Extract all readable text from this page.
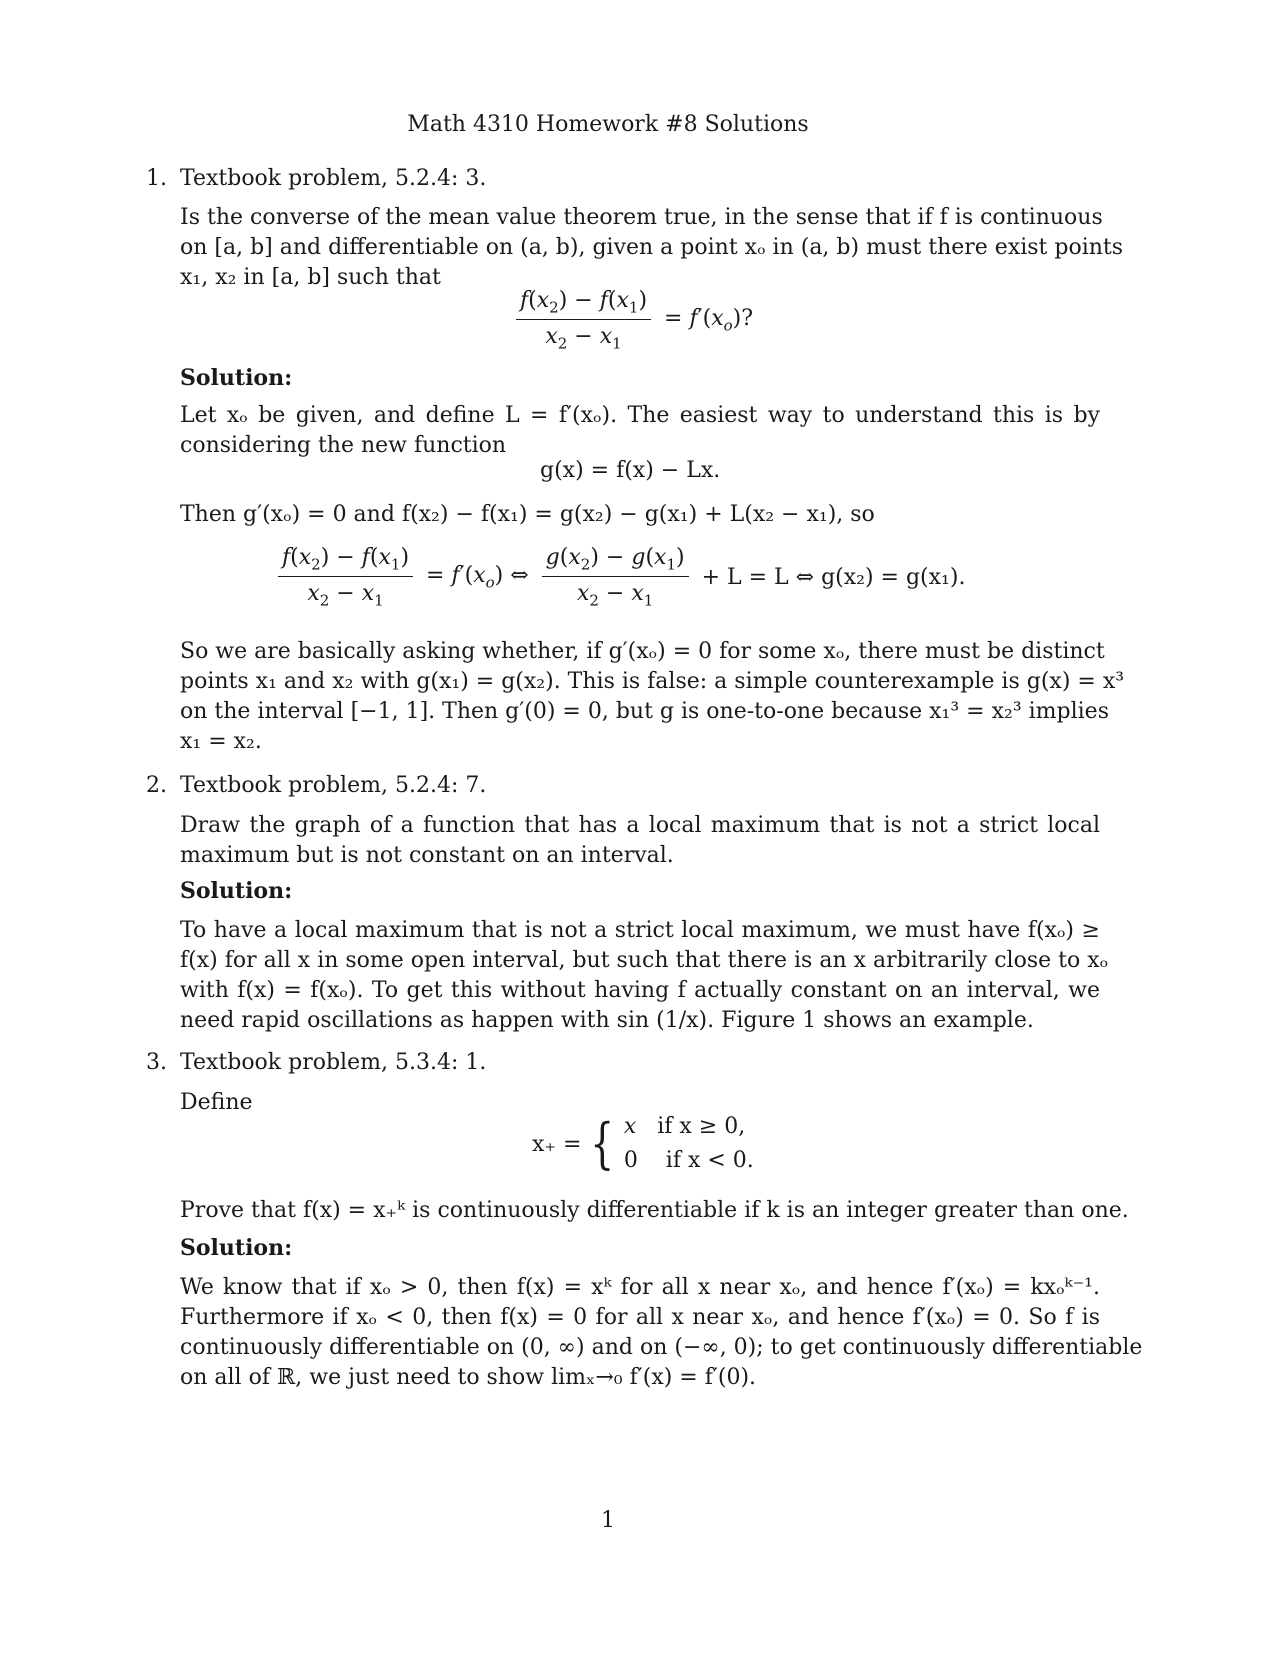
Math 4310 Homework #8 Solutions
1. Textbook problem, 5.2.4: 3.
Is the converse of the mean value theorem true, in the sense that if f is continuous
on [a, b] and differentiable on (a, b), given a point xₒ in (a, b) must there exist points
x₁, x₂ in [a, b] such that
$\frac{f(x_2) - f(x_1)}{x_2 - x_1} = f'(x_o)$?
Solution:
Let xₒ be given, and define L = f′(xₒ). The easiest way to understand this is by
considering the new function
g(x) = f(x) − Lx.
Then g′(xₒ) = 0 and f(x₂) − f(x₁) = g(x₂) − g(x₁) + L(x₂ − x₁), so
$\frac{f(x_2) - f(x_1)}{x_2 - x_1} = f'(x_o)$ ⇔ $\frac{g(x_2) - g(x_1)}{x_2 - x_1}$
+ L = L ⇔ g(x₂) = g(x₁).
So we are basically asking whether, if g′(xₒ) = 0 for some xₒ, there must be distinct
points x₁ and x₂ with g(x₁) = g(x₂). This is false: a simple counterexample is g(x) = x³
on the interval [−1, 1]. Then g′(0) = 0, but g is one-to-one because x₁³ = x₂³ implies
x₁ = x₂.
2. Textbook problem, 5.2.4: 7.
Draw the graph of a function that has a local maximum that is not a strict local
maximum but is not constant on an interval.
Solution:
To have a local maximum that is not a strict local maximum, we must have f(xₒ) ≥
f(x) for all x in some open interval, but such that there is an x arbitrarily close to xₒ
with f(x) = f(xₒ). To get this without having f actually constant on an interval, we
need rapid oscillations as happen with sin (1/x). Figure 1 shows an example.
3. Textbook problem, 5.3.4: 1.
Define
x₊ = { x if x ≥ 0,
0 if x < 0.
Prove that f(x) = x₊ᵏ is continuously differentiable if k is an integer greater than one.
Solution:
We know that if xₒ > 0, then f(x) = xᵏ for all x near xₒ, and hence f′(xₒ) = kxₒᵏ⁻¹.
Furthermore if xₒ < 0, then f(x) = 0 for all x near xₒ, and hence f′(xₒ) = 0. So f is
continuously differentiable on (0, ∞) and on (−∞, 0); to get continuously differentiable
on all of ℝ, we just need to show limₓ→₀ f′(x) = f′(0).
1
